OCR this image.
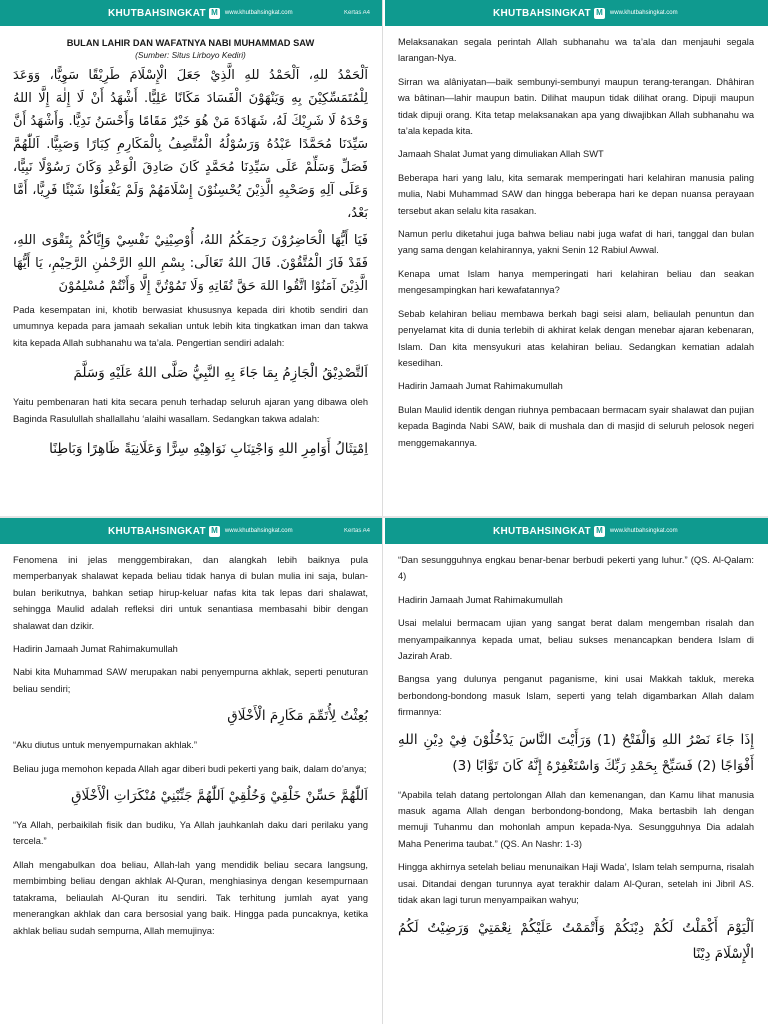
KHUTBAHSINGKAT M	www.khutbahsingkat.com	Kertas A4
BULAN LAHIR DAN WAFATNYA NABI MUHAMMAD SAW
(Sumber: Situs Lirboyo Kediri)

اَلْحَمْدُ للهِ، اَلْحَمْدُ للهِ الَّذِيْ جَعَلَ الْإِسْلَامَ طَرِيْقًا سَوِيًّا، وَوَعَدَ لِلْمُتَمَسِّكِيْنَ بِهِ وَيَنْهَوْنَ الْفَسَادَ مَكَانًا عَلِيًّا. أَشْهَدُ أَنْ لَا إِلٰهَ إِلَّا اللهُ وَحْدَهُ لَا شَرِيْكَ لَهُ، شَهَادَةَ مَنْ هُوَ خَيْرٌ مَقَامًا وَأَحْسَنُ نَدِيًّا. وَأَشْهَدُ أَنَّ سَيِّدَنَا مُحَمَّدًا عَبْدُهُ وَرَسُوْلُهُ الْمُتَّصِفُ بِالْمَكَارِمِ كِبَارًا وَصَبِيًّا. اَللّٰهُمَّ فَصَلِّ وَسَلِّمْ عَلَى سَيِّدِنَا مُحَمَّدٍ كَانَ صَادِقَ الْوَعْدِ وَكَانَ رَسُوْلًا نَبِيًّا، وَعَلَى آلِهِ وَصَحْبِهِ الَّذِيْنَ يُحْسِنُوْنَ إِسْلَامَهُمْ وَلَمْ يَفْعَلُوْا شَيْئًا فَرِيًّا، أَمَّا بَعْدُ،

فَيَا أَيُّهَا الْحَاضِرُوْنَ رَحِمَكُمُ اللهُ، أُوْصِيْنِيْ نَفْسِيْ وَإِيَّاكُمْ بِتَقْوَى اللهِ، فَقَدْ فَازَ الْمُتَّقُوْنَ. قَالَ اللهُ تَعَالَى: بِسْمِ اللهِ الرَّحْمٰنِ الرَّحِيْمِ، يَا أَيُّهَا الَّذِيْنَ آمَنُوْا اتَّقُوا اللهَ حَقَّ تُقَاتِهِ وَلَا تَمُوْتُنَّ إِلَّا وَأَنْتُمْ مُسْلِمُوْنَ

Pada kesempatan ini, khotib berwasiat khususnya kepada diri khotib sendiri dan umumnya kepada para jamaah sekalian untuk lebih kita tingkatkan iman dan takwa kita kepada Allah subhanahu wa ta’ala. Pengertian sendiri adalah:

اَلتَّصْدِيْقُ الْجَازِمُ بِمَا جَاءَ بِهِ النَّبِيُّ صَلَّى اللهُ عَلَيْهِ وَسَلَّمَ

Yaitu pembenaran hati kita secara penuh terhadap seluruh ajaran yang dibawa oleh Baginda Rasulullah shallallahu ‘alaihi wasallam. Sedangkan takwa adalah:

اِمْتِثَالُ أَوَامِرِ اللهِ وَاجْتِنَابِ نَوَاهِيْهِ سِرًّا وَعَلَانِيَةً ظَاهِرًا وَبَاطِنًا

KHUTBAHSINGKAT M	www.khutbahsingkat.com

Melaksanakan segala perintah Allah subhanahu wa ta’ala dan menjauhi segala larangan-Nya.

Sirran wa alâniyatan—baik sembunyi-sembunyi maupun terang-terangan. Dhâhiran wa bâtinan—lahir maupun batin. Dilihat maupun tidak dilihat orang. Dipuji maupun tidak dipuji orang. Kita tetap melaksanakan apa yang diwajibkan Allah subhanahu wa ta’ala kepada kita.

Jamaah Shalat Jumat yang dimuliakan Allah SWT

Beberapa hari yang lalu, kita semarak memperingati hari kelahiran manusia paling mulia, Nabi Muhammad SAW dan hingga beberapa hari ke depan nuansa perayaan tersebut akan selalu kita rasakan.

Namun perlu diketahui juga bahwa beliau nabi juga wafat di hari, tanggal dan bulan yang sama dengan kelahirannya, yakni Senin 12 Rabiul Awwal.

Kenapa umat Islam hanya memperingati hari kelahiran beliau dan seakan mengesampingkan hari kewafatannya?

Sebab kelahiran beliau membawa berkah bagi seisi alam, beliaulah penuntun dan penyelamat kita di dunia terlebih di akhirat kelak dengan menebar ajaran kebenaran, Islam. Dan kita mensyukuri atas kelahiran beliau. Sedangkan kematian adalah kesedihan.

Hadirin Jamaah Jumat Rahimakumullah

Bulan Maulid identik dengan riuhnya pembacaan bermacam syair shalawat dan pujian kepada Baginda Nabi SAW, baik di mushala dan di masjid di seluruh pelosok negeri menggemakannya.

KHUTBAHSINGKAT M	www.khutbahsingkat.com	Kertas A4

Fenomena ini jelas menggembirakan, dan alangkah lebih baiknya pula memperbanyak shalawat kepada beliau tidak hanya di bulan mulia ini saja, bulan-bulan berikutnya, bahkan setiap hirup-keluar nafas kita tak lepas dari shalawat, sehingga Maulid adalah refleksi diri untuk senantiasa membasahi bibir dengan shalawat dan dzikir.

Hadirin Jamaah Jumat Rahimakumullah

Nabi kita Muhammad SAW merupakan nabi penyempurna akhlak, seperti penuturan beliau sendiri;

بُعِثْتُ لِأُتَمِّمَ مَكَارِمَ الْأَخْلَاقِ

“Aku diutus untuk menyempurnakan akhlak.”

Beliau juga memohon kepada Allah agar diberi budi pekerti yang baik, dalam do’anya;

اَللّٰهُمَّ حَسِّنْ خَلْقِيْ وَخُلُقِيْ اَللّٰهُمَّ جَنِّبْنِيْ مُنْكَرَاتِ الْأَخْلَاقِ

“Ya Allah, perbaikilah fisik dan budiku, Ya Allah jauhkanlah daku dari perilaku yang tercela.”

Allah mengabulkan doa beliau, Allah-lah yang mendidik beliau secara langsung, membimbing beliau dengan akhlak Al-Quran, menghiasinya dengan kesempurnaan tatakrama, beliaulah Al-Quran itu sendiri. Tak terhitung jumlah ayat yang menerangkan akhlak dan cara bersosial yang baik. Hingga pada puncaknya, ketika akhlak beliau sudah sempurna, Allah memujinya:

KHUTBAHSINGKAT M	www.khutbahsingkat.com

“Dan sesungguhnya engkau benar-benar berbudi pekerti yang luhur.” (QS. Al-Qalam: 4)

Hadirin Jamaah Jumat Rahimakumullah

Usai melalui bermacam ujian yang sangat berat dalam mengemban risalah dan menyampaikannya kepada umat, beliau sukses menancapkan bendera Islam di Jazirah Arab.

Bangsa yang dulunya penganut paganisme, kini usai Makkah takluk, mereka berbondong-bondong masuk Islam, seperti yang telah digambarkan Allah dalam firmannya:

إِذَا جَاءَ نَصْرُ اللهِ وَالْفَتْحُ (1) وَرَأَيْتَ النَّاسَ يَدْخُلُوْنَ فِيْ دِيْنِ اللهِ أَفْوَاجًا (2) فَسَبِّحْ بِحَمْدِ رَبِّكَ وَاسْتَغْفِرْهُ إِنَّهُ كَانَ تَوَّابًا (3)

“Apabila telah datang pertolongan Allah dan kemenangan, dan Kamu lihat manusia masuk agama Allah dengan berbondong-bondong, Maka bertasbih lah dengan memuji Tuhanmu dan mohonlah ampun kepada-Nya. Sesungguhnya Dia adalah Maha Penerima taubat.” (QS. An Nashr: 1-3)

Hingga akhirnya setelah beliau menunaikan Haji Wada’, Islam telah sempurna, risalah usai. Ditandai dengan turunnya ayat terakhir dalam Al-Quran, setelah ini Jibril AS. tidak akan lagi turun menyampaikan wahyu;

اَلْيَوْمَ أَكْمَلْتُ لَكُمْ دِيْنَكُمْ وَأَتْمَمْتُ عَلَيْكُمْ نِعْمَتِيْ وَرَضِيْتُ لَكُمُ الْإِسْلَامَ دِيْنًا
